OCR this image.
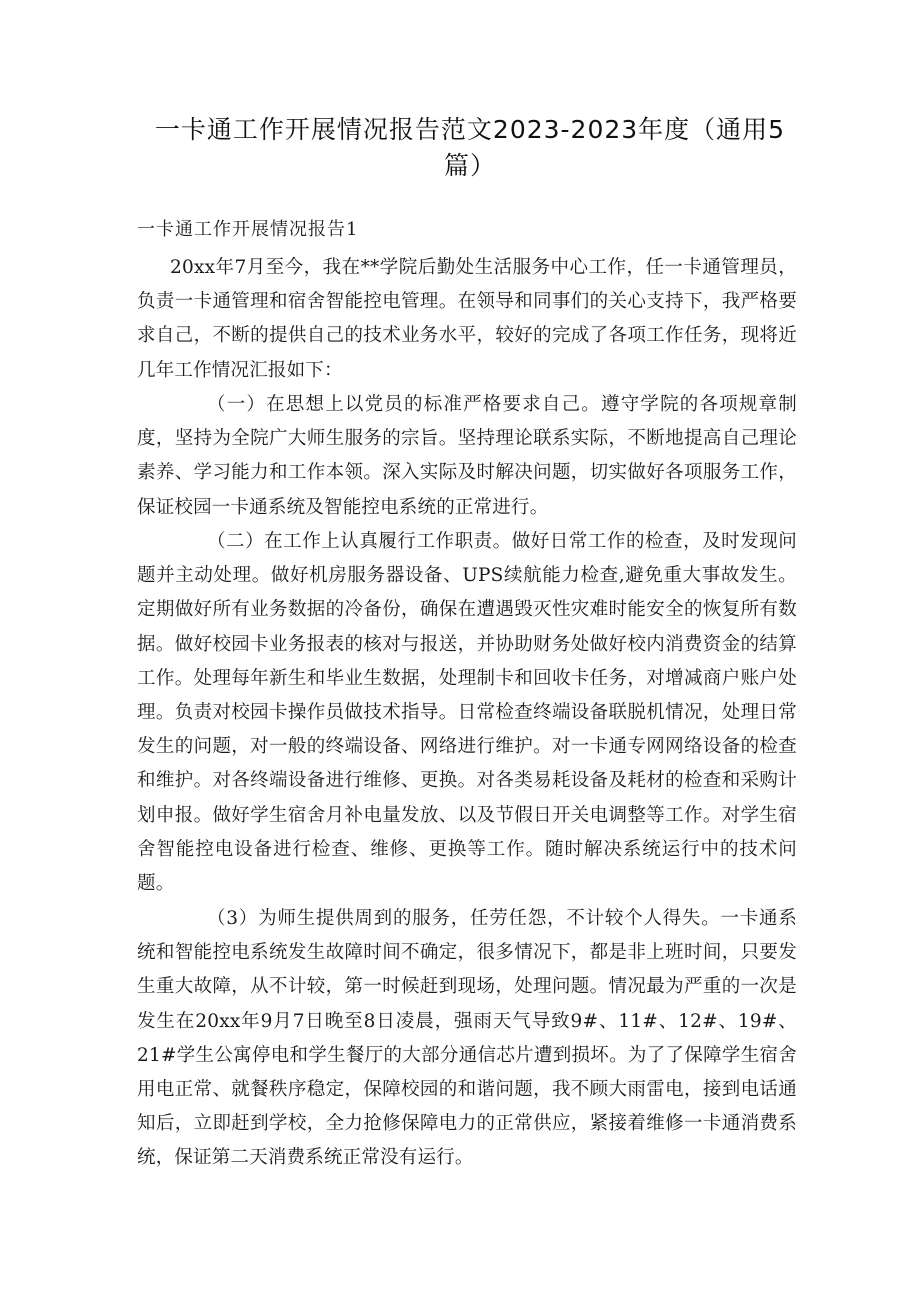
一卡通工作开展情况报告范文2023-2023年度（通用5篇）
一卡通工作开展情况报告1
20xx年7月至今，我在**学院后勤处生活服务中心工作，任一卡通管理员，负责一卡通管理和宿舍智能控电管理。在领导和同事们的关心支持下，我严格要求自己，不断的提供自己的技术业务水平，较好的完成了各项工作任务，现将近几年工作情况汇报如下：
（一）在思想上以党员的标准严格要求自己。遵守学院的各项规章制度，坚持为全院广大师生服务的宗旨。坚持理论联系实际，不断地提高自己理论素养、学习能力和工作本领。深入实际及时解决问题，切实做好各项服务工作，保证校园一卡通系统及智能控电系统的正常进行。
（二）在工作上认真履行工作职责。做好日常工作的检查，及时发现问题并主动处理。做好机房服务器设备、UPS续航能力检查,避免重大事故发生。定期做好所有业务数据的冷备份，确保在遭遇毁灭性灾难时能安全的恢复所有数据。做好校园卡业务报表的核对与报送，并协助财务处做好校内消费资金的结算工作。处理每年新生和毕业生数据，处理制卡和回收卡任务，对增减商户账户处理。负责对校园卡操作员做技术指导。日常检查终端设备联脱机情况，处理日常发生的问题，对一般的终端设备、网络进行维护。对一卡通专网网络设备的检查和维护。对各终端设备进行维修、更换。对各类易耗设备及耗材的检查和采购计划申报。做好学生宿舍月补电量发放、以及节假日开关电调整等工作。对学生宿舍智能控电设备进行检查、维修、更换等工作。随时解决系统运行中的技术问题。
（3）为师生提供周到的服务，任劳任怨，不计较个人得失。一卡通系统和智能控电系统发生故障时间不确定，很多情况下，都是非上班时间，只要发生重大故障，从不计较，第一时候赶到现场，处理问题。情况最为严重的一次是发生在20xx年9月7日晚至8日凌晨，强雨天气导致9#、11#、12#、19#、21#学生公寓停电和学生餐厅的大部分通信芯片遭到损坏。为了了保障学生宿舍用电正常、就餐秩序稳定，保障校园的和谐问题，我不顾大雨雷电，接到电话通知后，立即赶到学校，全力抢修保障电力的正常供应，紧接着维修一卡通消费系统，保证第二天消费系统正常没有运行。
